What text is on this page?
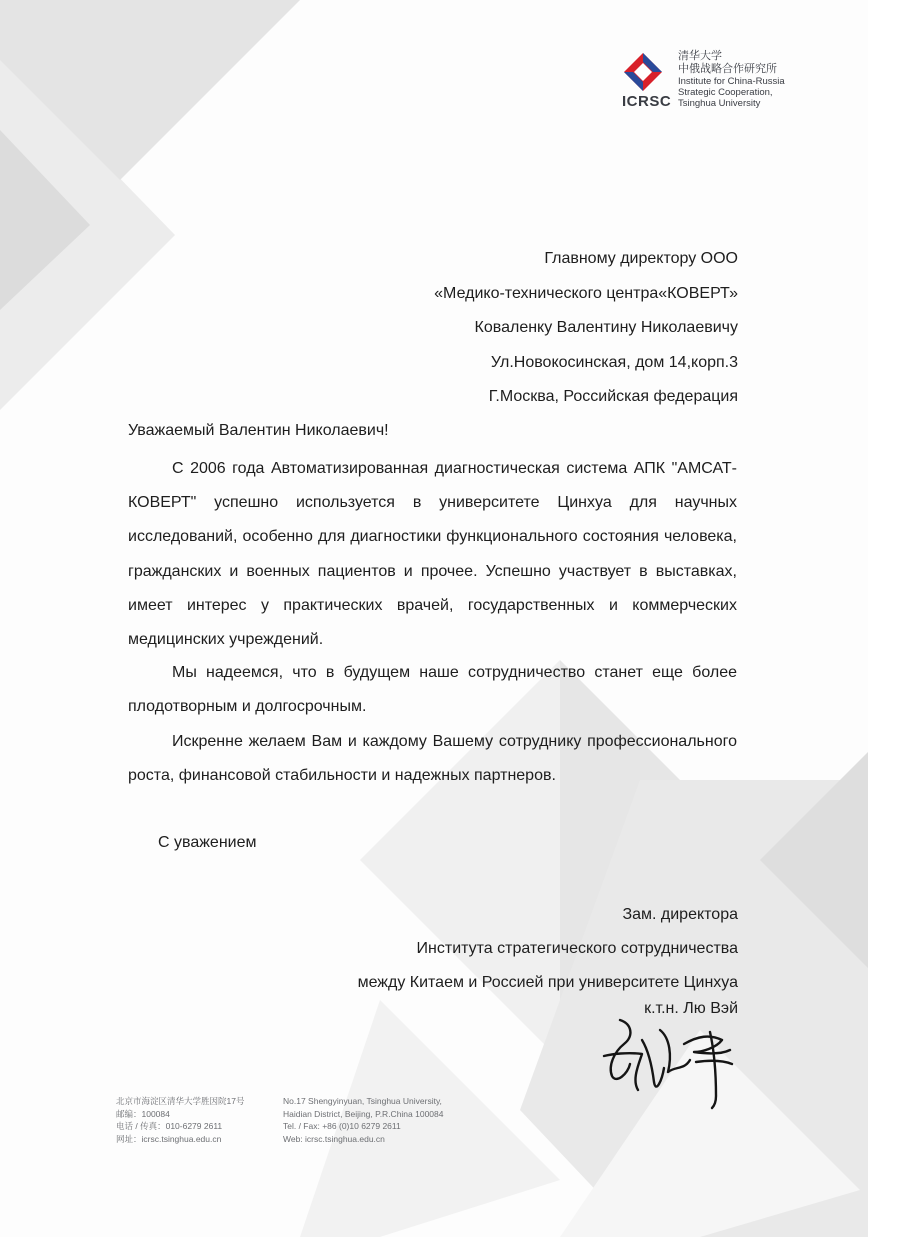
ICRSC
清华大学
中俄战略合作研究所
Institute for China-Russia
Strategic Cooperation,
Tsinghua University
Главному директору ООО
«Медико-технического центра«КОВЕРТ»
Коваленку Валентину Николаевичу
Ул.Новокосинская, дом 14,корп.3
Г.Москва, Российская федерация
Уважаемый Валентин Николаевич!
С 2006 года Автоматизированная диагностическая система АПК "АМСАТ-КОВЕРТ" успешно используется в университете Цинхуа для научных исследований, особенно для диагностики функционального состояния человека, гражданских и военных пациентов и прочее. Успешно участвует в выставках, имеет интерес у практических врачей, государственных и коммерческих медицинских учреждений.
Мы надеемся, что в будущем наше сотрудничество станет еще более плодотворным и долгосрочным.
Искренне желаем Вам и каждому Вашему сотруднику профессионального роста, финансовой стабильности и надежных партнеров.
С уважением
Зам. директора
Института стратегического сотрудничества
между Китаем и Россией при университете Цинхуа
к.т.н. Лю Вэй
北京市海淀区清华大学胜因院17号
邮编：100084
电话 / 传真：010-6279 2611
网址：icrsc.tsinghua.edu.cn
No.17 Shengyinyuan, Tsinghua University,
Haidian District, Beijing, P.R.China 100084
Tel. / Fax: +86 (0)10 6279 2611
Web: icrsc.tsinghua.edu.cn
